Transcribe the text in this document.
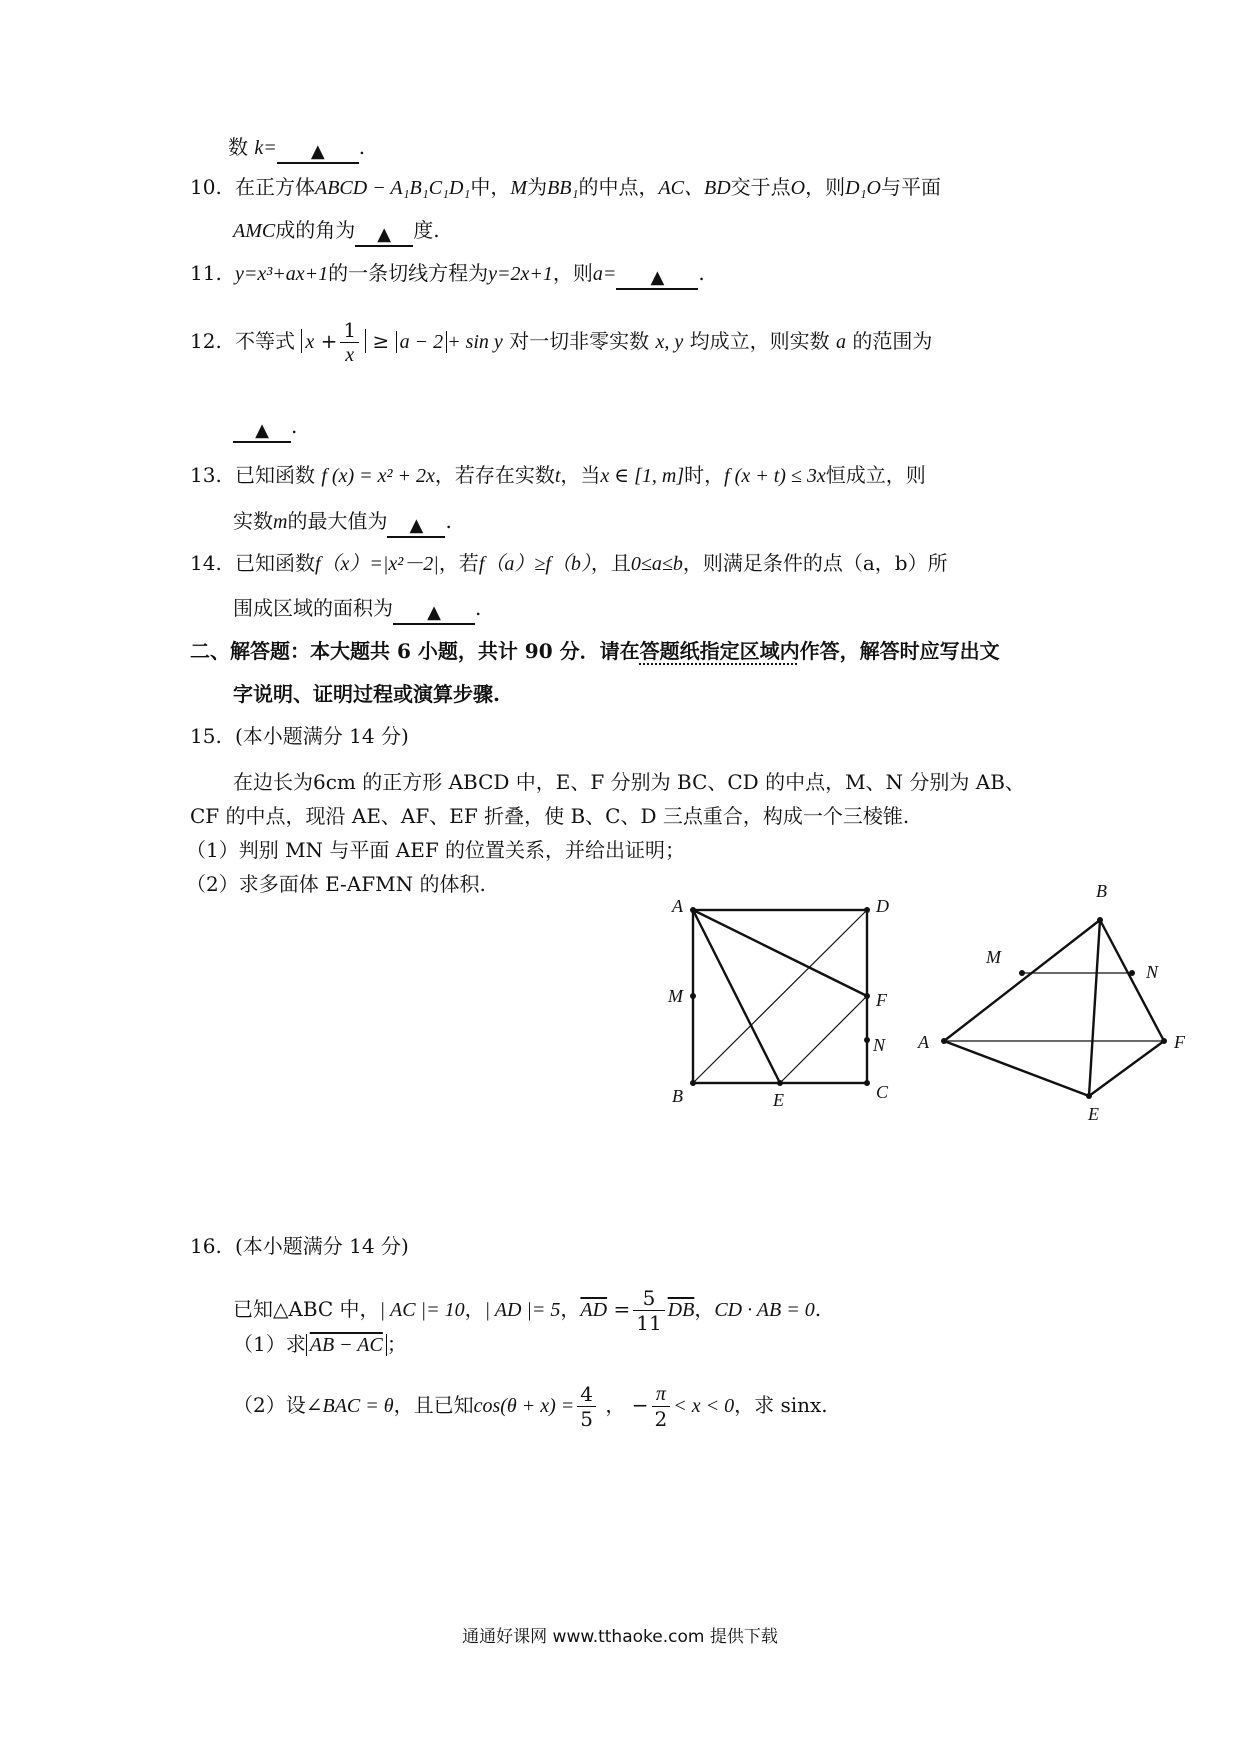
数 k= ▲ .
10. 在正方体ABCD − A₁B₁C₁D₁中，M为BB₁的中点，AC、BD交于点O，则D₁O与平面
AMC成的角为 ▲ 度.
11. y=x³+ax+1的一条切线方程为y=2x+1，则a= ▲ .
12. 不等式 $x + \frac{1}{x} \ge a - 2 + \sin y$ 对一切非零实数 x, y 均成立，则实数 a 的范围为
▲ .
13. 已知函数 f (x) = x² + 2x，若存在实数t，当x ∈ [1, m]时，f (x + t) ≤ 3x恒成立，则
实数m的最大值为 ▲ .
14. 已知函数f（x）=|x²－2|，若f（a）≥f（b），且0≤a≤b，则满足条件的点（a，b）所
围成区域的面积为 ▲ .
二、解答题：本大题共 6 小题，共计 90 分．请在答题纸指定区域内作答，解答时应写出文
字说明、证明过程或演算步骤.
15. (本小题满分 14 分)
在边长为6cm 的正方形 ABCD 中，E、F 分别为 BC、CD 的中点，M、N 分别为 AB、
CF 的中点，现沿 AE、AF、EF 折叠，使 B、C、D 三点重合，构成一个三棱锥.
（1）判别 MN 与平面 AEF 的位置关系，并给出证明；
（2）求多面体 E-AFMN 的体积.
A	D
M	F
N
B	E	C
B
M
N
A	F
E
16. (本小题满分 14 分)
已知△ABC 中，| AC |= 10，| AD |= 5，$\overline{AD} = \frac{5}{11} \overline{DB}$，CD · AB = 0.
（1）求 AB − AC ；
（2）设∠BAC = θ，且已知$\cos(\theta + x) = \frac{4}{5}$ ， − $\frac{\pi}{2} < x < 0$，求 sinx.
通通好课网 www.tthaoke.com 提供下载
